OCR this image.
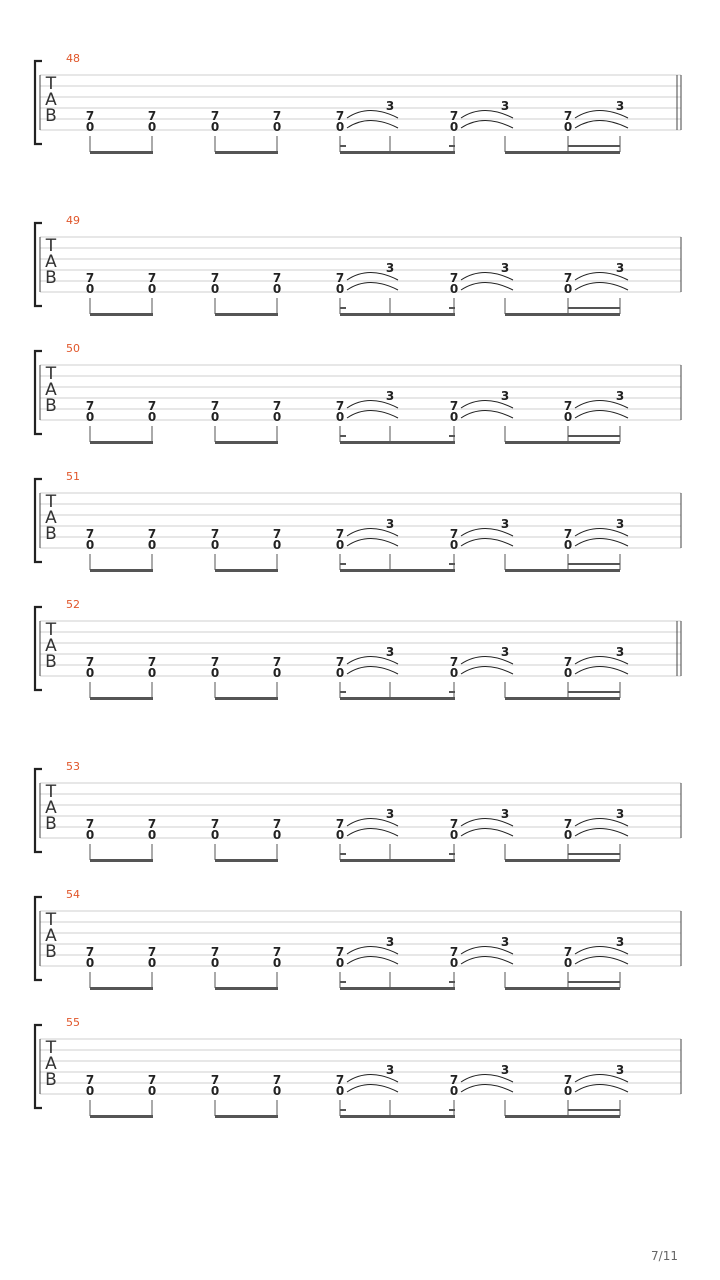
48
T
A
B 7
0
7
0
7
0
7
0
7
0
3
7
0
3
7
0
3
49
T
A
B 7
0
7
0
7
0
7
0
7
0
3
7
0
3
7
0
3
50
T
A
B 7
0
7
0
7
0
7
0
7
0
3
7
0
3
7
0
3
51
T
A
B 7
0
7
0
7
0
7
0
7
0
3
7
0
3
7
0
3
52
T
A
B 7
0
7
0
7
0
7
0
7
0
3
7
0
3
7
0
3
53
T
A
B 7
0
7
0
7
0
7
0
7
0
3
7
0
3
7
0
3
54
T
A
B 7
0
7
0
7
0
7
0
7
0
3
7
0
3
7
0
3
55
T
A
B 7
0
7
0
7
0
7
0
7
0
3
7
0
3
7
0
3
7/11
